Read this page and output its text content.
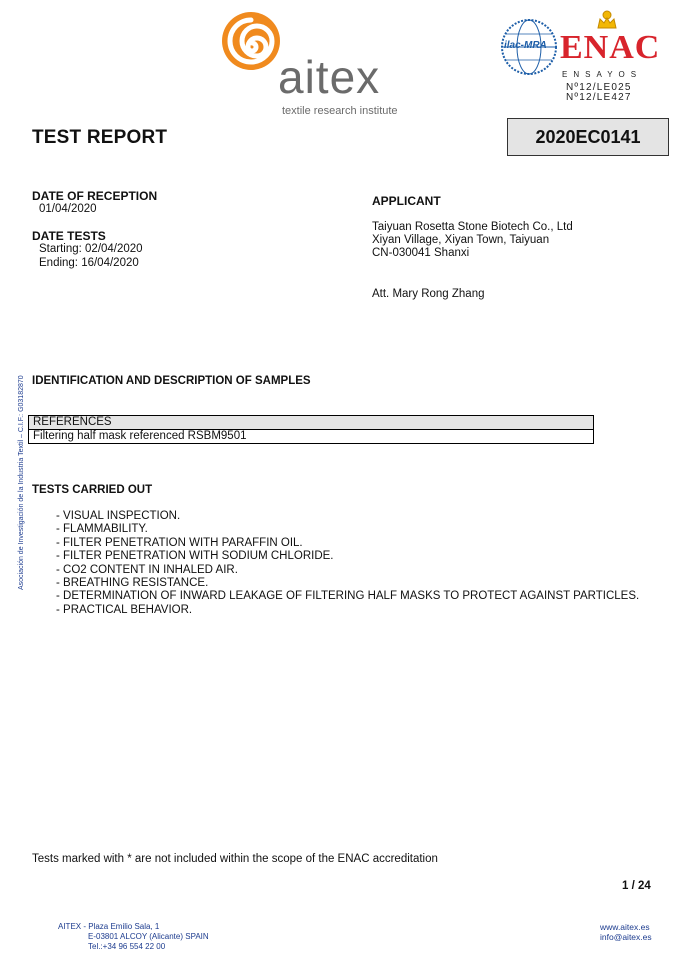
aitex
textile research institute
ilac-MRA ENAC
ENSAYOS
Nº12/LE025
Nº12/LE427
TEST REPORT	2020EC0141
DATE OF RECEPTION
01/04/2020
DATE TESTS
Starting: 02/04/2020
Ending: 16/04/2020
APPLICANT
Taiyuan Rosetta Stone Biotech Co., Ltd
Xiyan Village, Xiyan Town, Taiyuan
CN-030041 Shanxi
Att. Mary Rong Zhang
Asociación de Investigación de la Industria Textil – C.I.F.: G03182870 IDENTIFICATION AND DESCRIPTION OF SAMPLES
REFERENCES
Filtering half mask referenced RSBM9501
TESTS CARRIED OUT
- VISUAL INSPECTION.
- FLAMMABILITY.
- FILTER PENETRATION WITH PARAFFIN OIL.
- FILTER PENETRATION WITH SODIUM CHLORIDE.
- CO2 CONTENT IN INHALED AIR.
- BREATHING RESISTANCE.
- DETERMINATION OF INWARD LEAKAGE OF FILTERING HALF MASKS TO PROTECT AGAINST PARTICLES.
- PRACTICAL BEHAVIOR.
Tests marked with * are not included within the scope of the ENAC accreditation
1 / 24
AITEX - Plaza Emilio Sala, 1
E-03801 ALCOY (Alicante) SPAIN
Tel.:+34 96 554 22 00
www.aitex.es
info@aitex.es
